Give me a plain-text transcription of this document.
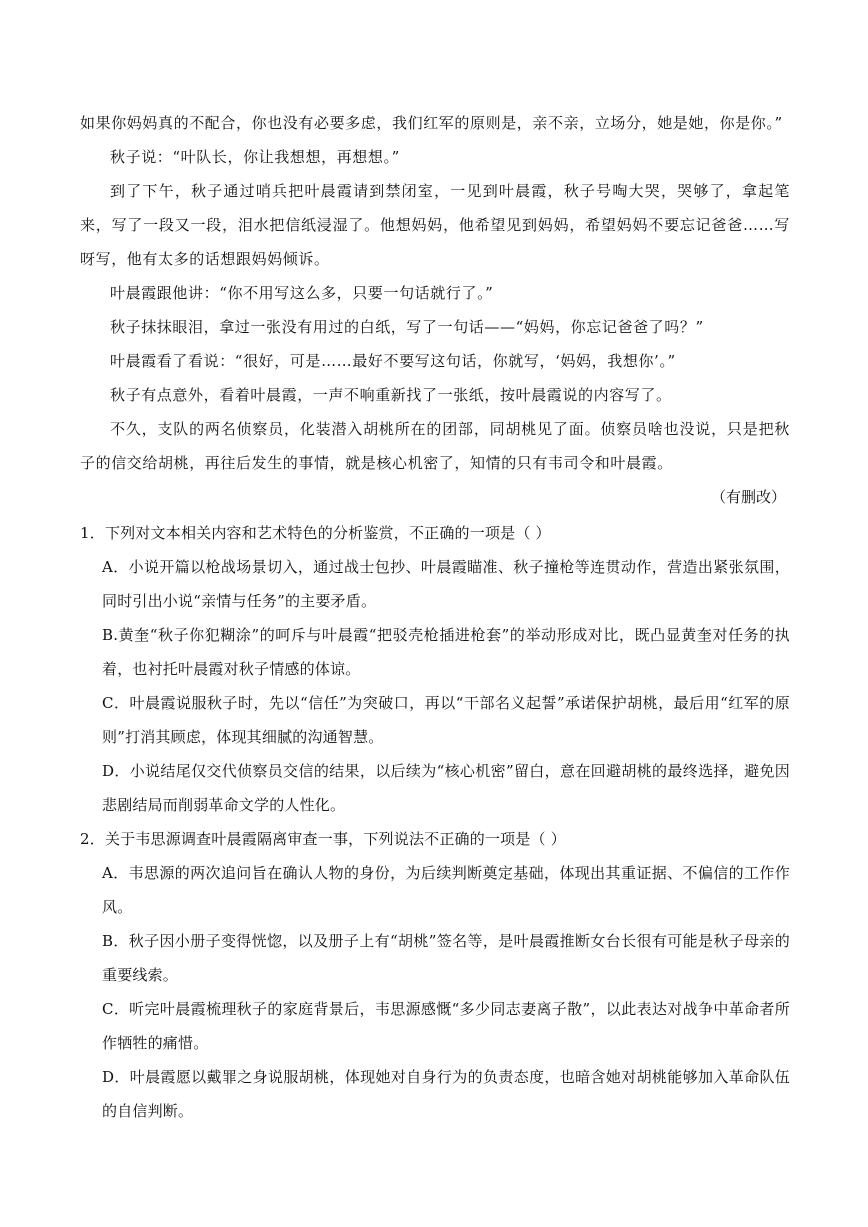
如果你妈妈真的不配合，你也没有必要多虑，我们红军的原则是，亲不亲，立场分，她是她，你是你。”

秋子说：“叶队长，你让我想想，再想想。”

到了下午，秋子通过哨兵把叶晨霞请到禁闭室，一见到叶晨霞，秋子号啕大哭，哭够了，拿起笔来，写了一段又一段，泪水把信纸浸湿了。他想妈妈，他希望见到妈妈，希望妈妈不要忘记爸爸……写呀写，他有太多的话想跟妈妈倾诉。

叶晨霞跟他讲：“你不用写这么多，只要一句话就行了。”

秋子抹抹眼泪，拿过一张没有用过的白纸，写了一句话——“妈妈，你忘记爸爸了吗？”

叶晨霞看了看说：“很好，可是……最好不要写这句话，你就写，‘妈妈，我想你’。”

秋子有点意外，看着叶晨霞，一声不响重新找了一张纸，按叶晨霞说的内容写了。

不久，支队的两名侦察员，化装潜入胡桃所在的团部，同胡桃见了面。侦察员啥也没说，只是把秋子的信交给胡桃，再往后发生的事情，就是核心机密了，知情的只有韦司令和叶晨霞。

（有删改）

1．下列对文本相关内容和艺术特色的分析鉴赏，不正确的一项是（ ）

A．小说开篇以枪战场景切入，通过战士包抄、叶晨霞瞄准、秋子撞枪等连贯动作，营造出紧张氛围，同时引出小说“亲情与任务”的主要矛盾。

B.黄奎“秋子你犯糊涂”的呵斥与叶晨霞“把驳壳枪插进枪套”的举动形成对比，既凸显黄奎对任务的执着，也衬托叶晨霞对秋子情感的体谅。

C．叶晨霞说服秋子时，先以“信任”为突破口，再以“干部名义起誓”承诺保护胡桃，最后用“红军的原则”打消其顾虑，体现其细腻的沟通智慧。

D．小说结尾仅交代侦察员交信的结果，以后续为“核心机密”留白，意在回避胡桃的最终选择，避免因悲剧结局而削弱革命文学的人性化。

2．关于韦思源调查叶晨霞隔离审查一事，下列说法不正确的一项是（ ）

A．韦思源的两次追问旨在确认人物的身份，为后续判断奠定基础，体现出其重证据、不偏信的工作作风。

B．秋子因小册子变得恍惚，以及册子上有“胡桃”签名等，是叶晨霞推断女台长很有可能是秋子母亲的重要线索。

C．听完叶晨霞梳理秋子的家庭背景后，韦思源感慨“多少同志妻离子散”，以此表达对战争中革命者所作牺牲的痛惜。

D．叶晨霞愿以戴罪之身说服胡桃，体现她对自身行为的负责态度，也暗含她对胡桃能够加入革命队伍的自信判断。
